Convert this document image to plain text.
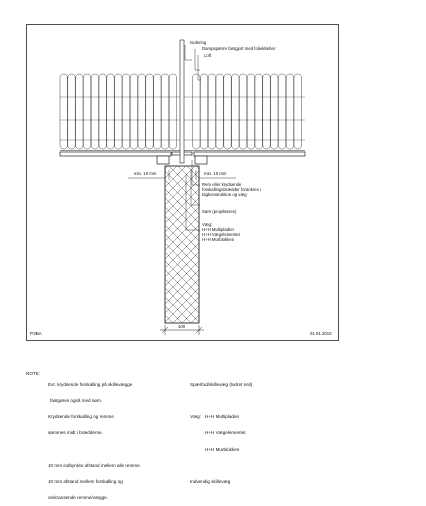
Isolering
Dampspærre fastgjort med folieklæber
Loft
min. 10 mm	min. 10 mm
Rem eller krydsende
forskallingsbrædder forankres i
tagkonstruktion og væg
Søm (projekteres)
Væg:
H+H Multipladen
H+H Vægelementet
H+H Murblokken
100
P3BA	01.01.2010
NOTE:

Evt. krydsende forskalling på skillevægge

fastgøres også med søm.

Krydsende forskalling og remme

sømmes midt i brædderne.

10 mm indbyrdes afstand mellem alle remme.

10 mm afstand mellem forskalling og

omkransende remme/vægge.

Spærfod/skillevæg (lodret snit)

Væg: H+H Multipladen

H+H Vægelementet

H+H Murblokken

Indvendig skillevæg
